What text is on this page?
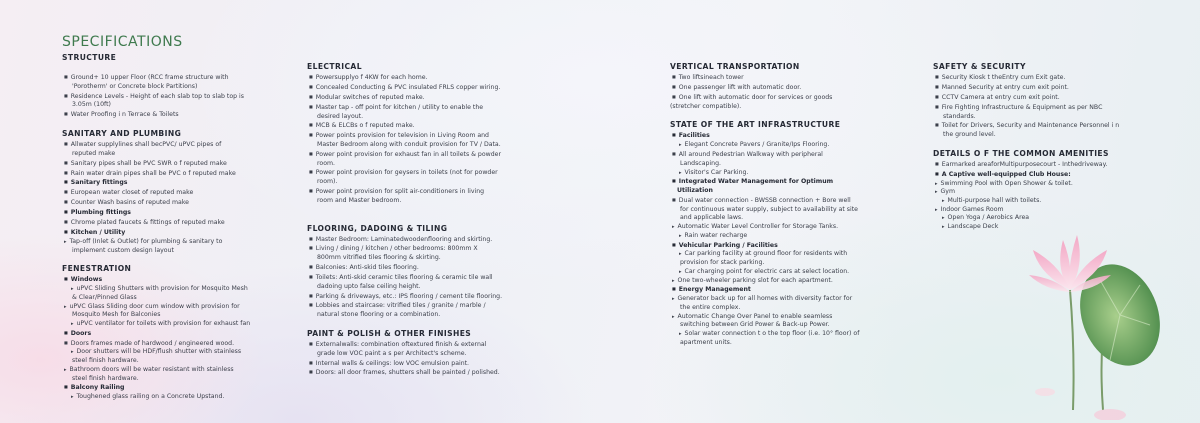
SPECIFICATIONS
STRUCTURE
■ Ground+ 10 upper Floor (RCC frame structure with
'Porotherm' or Concrete block Partitions)
■ Residence Levels - Height of each slab top to slab top is
3.05m (10ft)
■ Water Proofing i n Terrace & Toilets
SANITARY AND PLUMBING
■ Allwater supplylines shall becPVC/ uPVC pipes of
reputed make
■ Sanitary pipes shall be PVC SWR o f reputed make
■ Rain water drain pipes shall be PVC o f reputed make
■ Sanitary fittings
■ European water closet of reputed make
■ Counter Wash basins of reputed make
■ Plumbing fittings
■ Chrome plated faucets & fittings of reputed make
■ Kitchen / Utility
▸ Tap-off (Inlet & Outlet) for plumbing & sanitary to
implement custom design layout
FENESTRATION
■ Windows
▸ uPVC Sliding Shutters with provision for Mosquito Mesh
& Clear/Pinned Glass
▸ uPVC Glass Sliding door cum window with provision for
Mosquito Mesh for Balconies
▸ uPVC ventilator for toilets with provision for exhaust fan
■ Doors
■ Doors frames made of hardwood / engineered wood.
▸ Door shutters will be HDF/flush shutter with stainless
steel finish hardware.
▸ Bathroom doors will be water resistant with stainless
steel finish hardware.
■ Balcony Railing
▸ Toughened glass railing on a Concrete Upstand.
ELECTRICAL
■ Powersupplyo f 4KW for each home.
■ Concealed Conducting & PVC insulated FRLS copper wiring.
■ Modular switches of reputed make.
■ Master tap - off point for kitchen / utility to enable the
desired layout.
■ MCB & ELCBs o f reputed make.
■ Power points provision for television in Living Room and
Master Bedroom along with conduit provision for TV / Data.
■ Power point provision for exhaust fan in all toilets & powder
room.
■ Power point provision for geysers in toilets (not for powder
room).
■ Power point provision for split air-conditioners in living
room and Master bedroom.
FLOORING, DADOING & TILING
■ Master Bedroom: Laminatedwoodenflooring and skirting.
■ Living / dining / kitchen / other bedrooms: 800mm X
800mm vitrified tiles flooring & skirting.
■ Balconies: Anti-skid tiles flooring.
■ Toilets: Anti-skid ceramic tiles flooring & ceramic tile wall
dadoing upto false ceiling height.
■ Parking & driveways, etc.: IPS flooring / cement tile flooring.
■ Lobbies and staircase: vitrified tiles / granite / marble /
natural stone flooring or a combination.
PAINT & POLISH & OTHER FINISHES
■ Externalwalls: combination oftextured finish & external
grade low VOC paint a s per Architect's scheme.
■ Internal walls & ceilings: low VOC emulsion paint.
■ Doors: all door frames, shutters shall be painted / polished.
VERTICAL TRANSPORTATION
■ Two liftsineach tower
■ One passenger lift with automatic door.
■ One lift with automatic door for services or goods
(stretcher compatible).
STATE OF THE ART INFRASTRUCTURE
■ Facilities
▸ Elegant Concrete Pavers / Granite/Ips Flooring.
■ All around Pedestrian Walkway with peripheral
Landscaping.
▸ Visitor's Car Parking.
■ Integrated Water Management for Optimum Utilization
■ Dual water connection - BWSSB connection + Bore well
for continuous water supply, subject to availability at site
and applicable laws.
▸ Automatic Water Level Controller for Storage Tanks.
▸ Rain water recharge
■ Vehicular Parking / Facilities
▸ Car parking facility at ground floor for residents with
provision for stack parking.
▸ Car charging point for electric cars at select location.
▸ One two-wheeler parking slot for each apartment.
■ Energy Management
▸ Generator back up for all homes with diversity factor for
the entire complex.
▸ Automatic Change Over Panel to enable seamless
switching between Grid Power & Back-up Power.
▸ Solar water connection t o the top floor (i.e. 10° floor) of
apartment units.
SAFETY & SECURITY
■ Security Kiosk t theEntry cum Exit gate.
■ Manned Security at entry cum exit point.
■ CCTV Camera at entry cum exit point.
■ Fire Fighting Infrastructure & Equipment as per NBC
standards.
■ Toilet for Drivers, Security and Maintenance Personnel i n
the ground level.
DETAILS O F THE COMMON AMENITIES
■ Earmarked areaforMultipurposecourt - Inthedriveway.
■ A Captive well-equipped Club House:
▸ Swimming Pool with Open Shower & toilet.
▸ Gym
▸ Multi-purpose hall with toilets.
▸ Indoor Games Room
▸ Open Yoga / Aerobics Area
▸ Landscape Deck
